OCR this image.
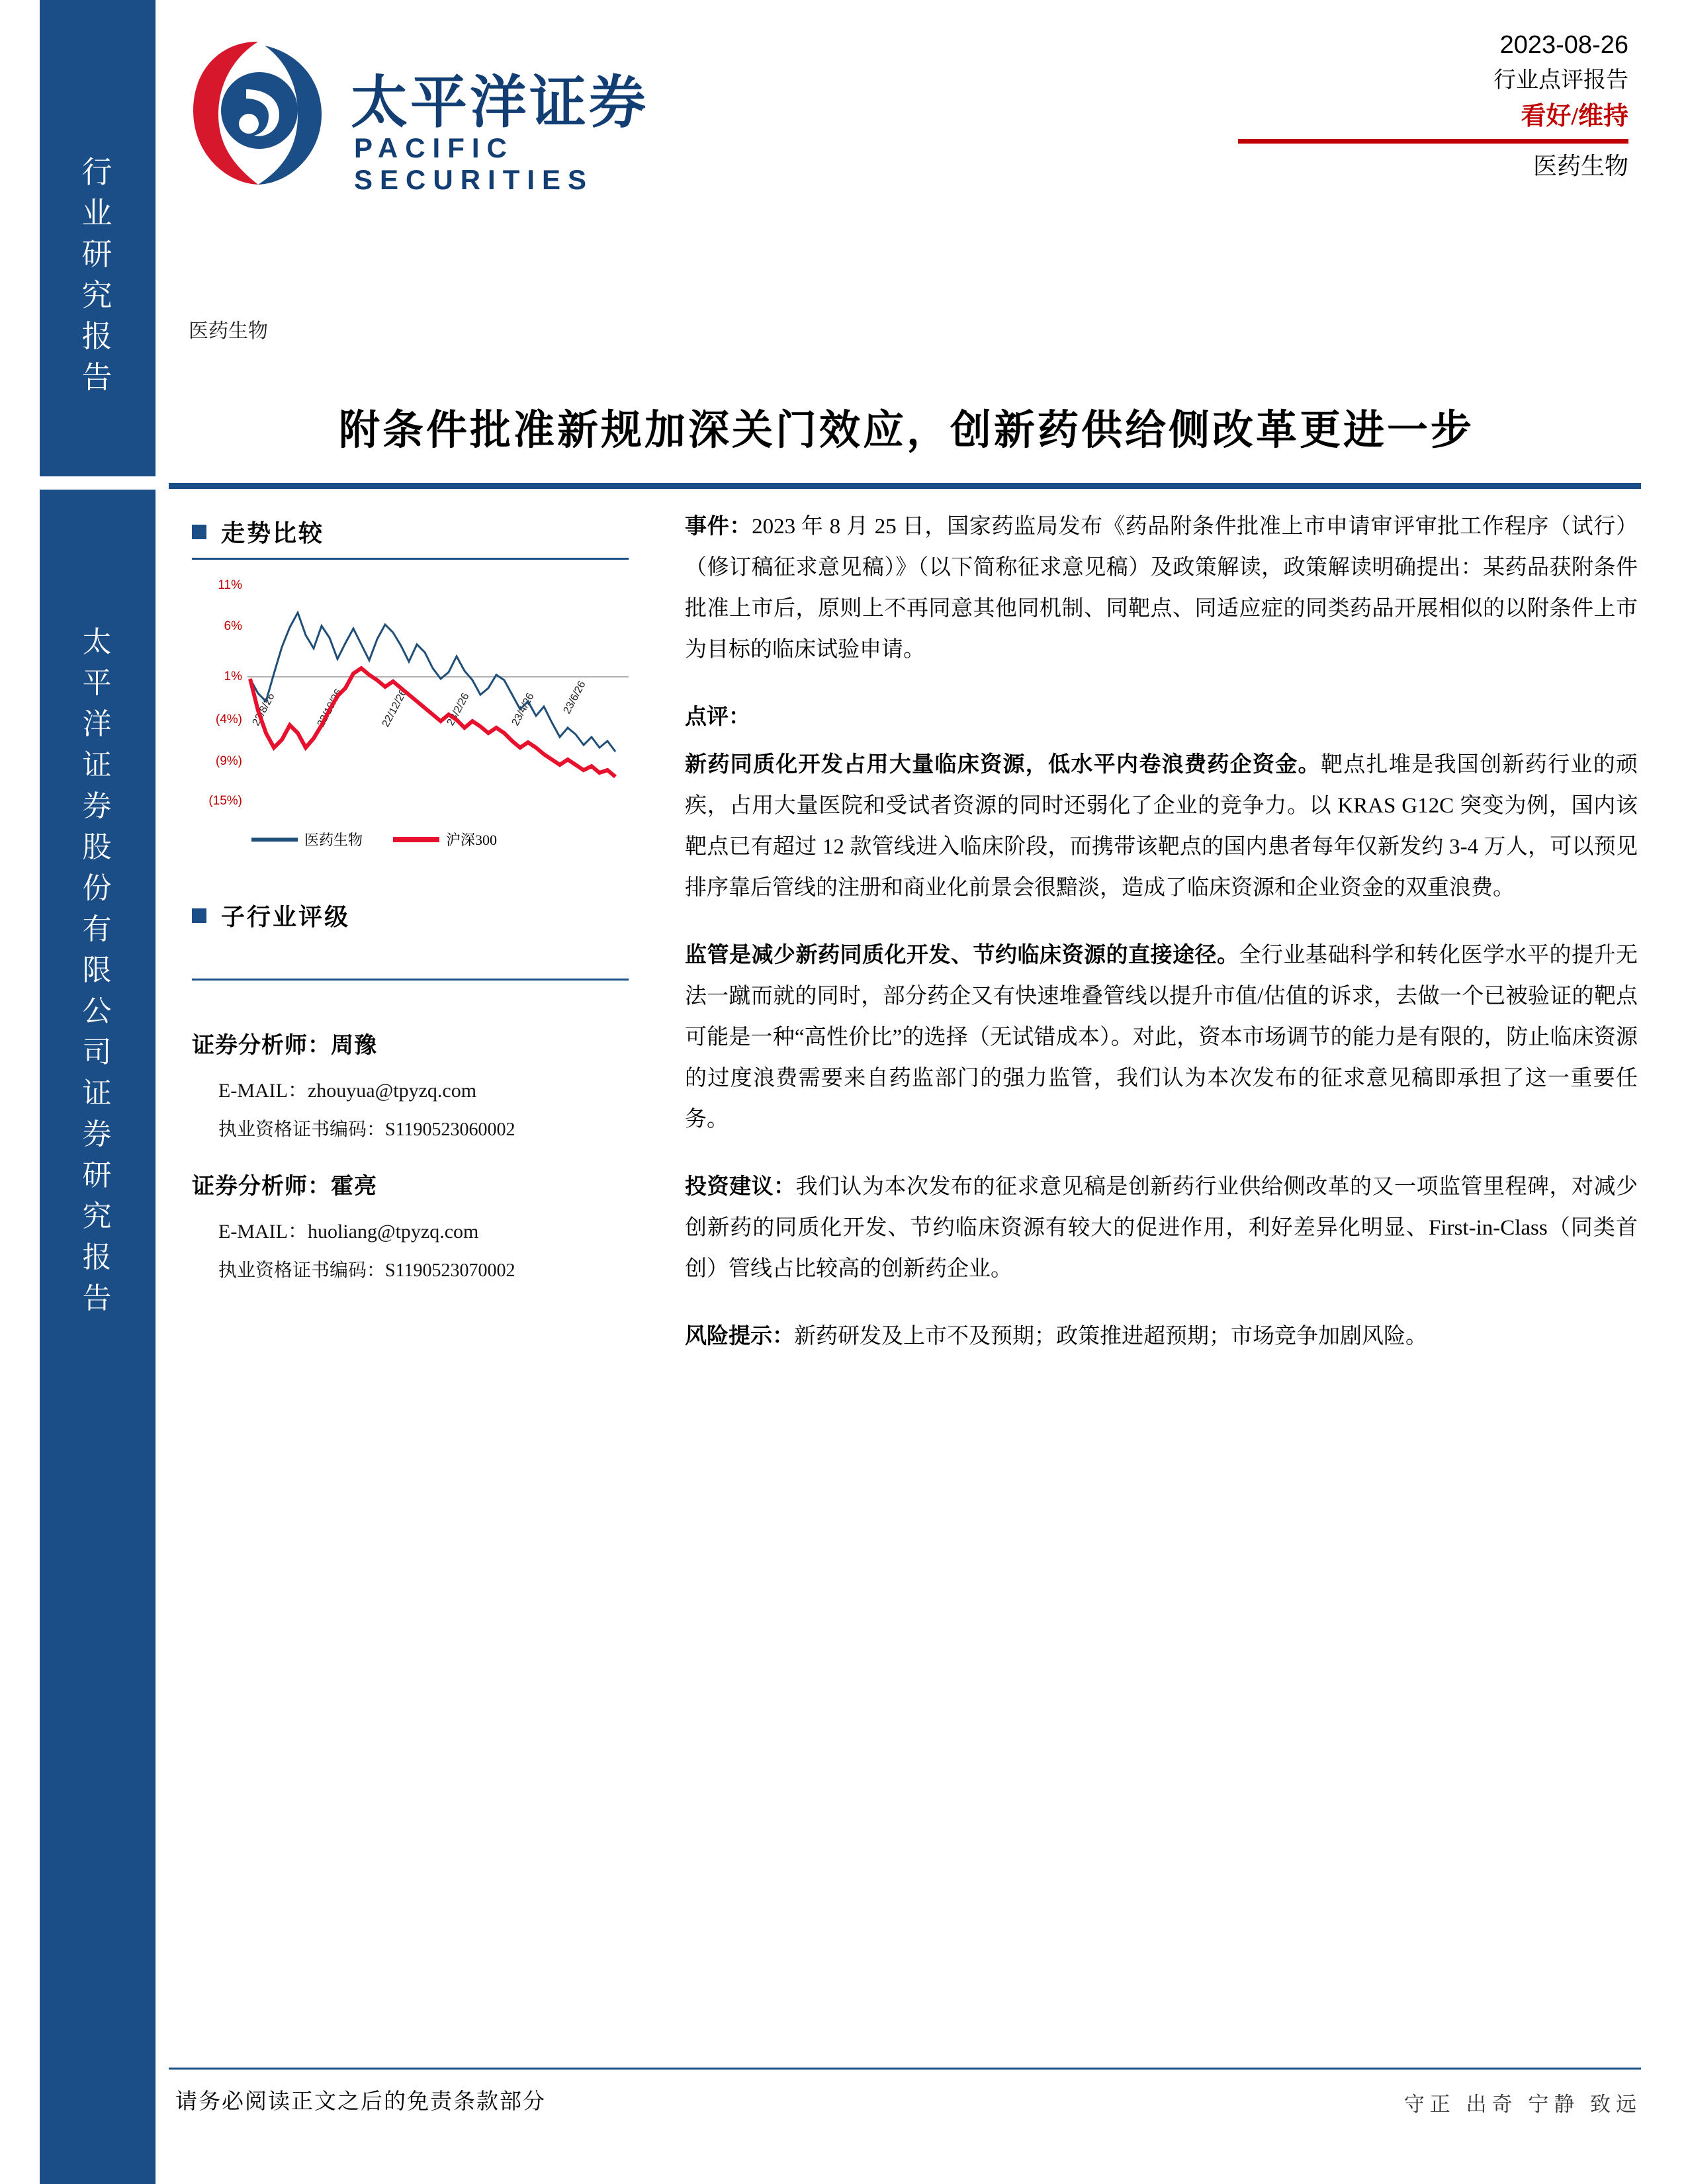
行
业
研
究
报
告
太
平
洋
证
券
股
份
有
限
公
司
证
券
研
究
报
告
太平洋证券
PACIFIC SECURITIES
2023-08-26
行业点评报告
看好/维持
医药生物
医药生物
附条件批准新规加深关门效应，创新药供给侧改革更进一步
走势比较
11%
6%
1%
(4%)
(9%)
(15%)
22/8/26	22/10/26	22/12/26	23/2/26	23/4/26 23/6/26
医药生物	沪深300
子行业评级
证券分析师：周豫
E-MAIL：zhouyua@tpyzq.com
执业资格证书编码：S1190523060002
证券分析师：霍亮
E-MAIL：huoliang@tpyzq.com
执业资格证书编码：S1190523070002
事件：2023 年 8 月 25 日，国家药监局发布《药品附条件批准上市申请审评审批工作程序（试行）（修订稿征求意见稿）》（以下简称征求意见稿）及政策解读，政策解读明确提出：某药品获附条件批准上市后，原则上不再同意其他同机制、同靶点、同适应症的同类药品开展相似的以附条件上市为目标的临床试验申请。
点评：
新药同质化开发占用大量临床资源，低水平内卷浪费药企资金。靶点扎堆是我国创新药行业的顽疾，占用大量医院和受试者资源的同时还弱化了企业的竞争力。以 KRAS G12C 突变为例，国内该靶点已有超过 12 款管线进入临床阶段，而携带该靶点的国内患者每年仅新发约 3-4 万人，可以预见排序靠后管线的注册和商业化前景会很黯淡，造成了临床资源和企业资金的双重浪费。
监管是减少新药同质化开发、节约临床资源的直接途径。全行业基础科学和转化医学水平的提升无法一蹴而就的同时，部分药企又有快速堆叠管线以提升市值/估值的诉求，去做一个已被验证的靶点可能是一种“高性价比”的选择（无试错成本）。对此，资本市场调节的能力是有限的，防止临床资源的过度浪费需要来自药监部门的强力监管，我们认为本次发布的征求意见稿即承担了这一重要任务。
投资建议：我们认为本次发布的征求意见稿是创新药行业供给侧改革的又一项监管里程碑，对减少创新药的同质化开发、节约临床资源有较大的促进作用，利好差异化明显、First-in-Class（同类首创）管线占比较高的创新药企业。
风险提示：新药研发及上市不及预期；政策推进超预期；市场竞争加剧风险。
请务必阅读正文之后的免责条款部分	守正 出奇 宁静 致远
